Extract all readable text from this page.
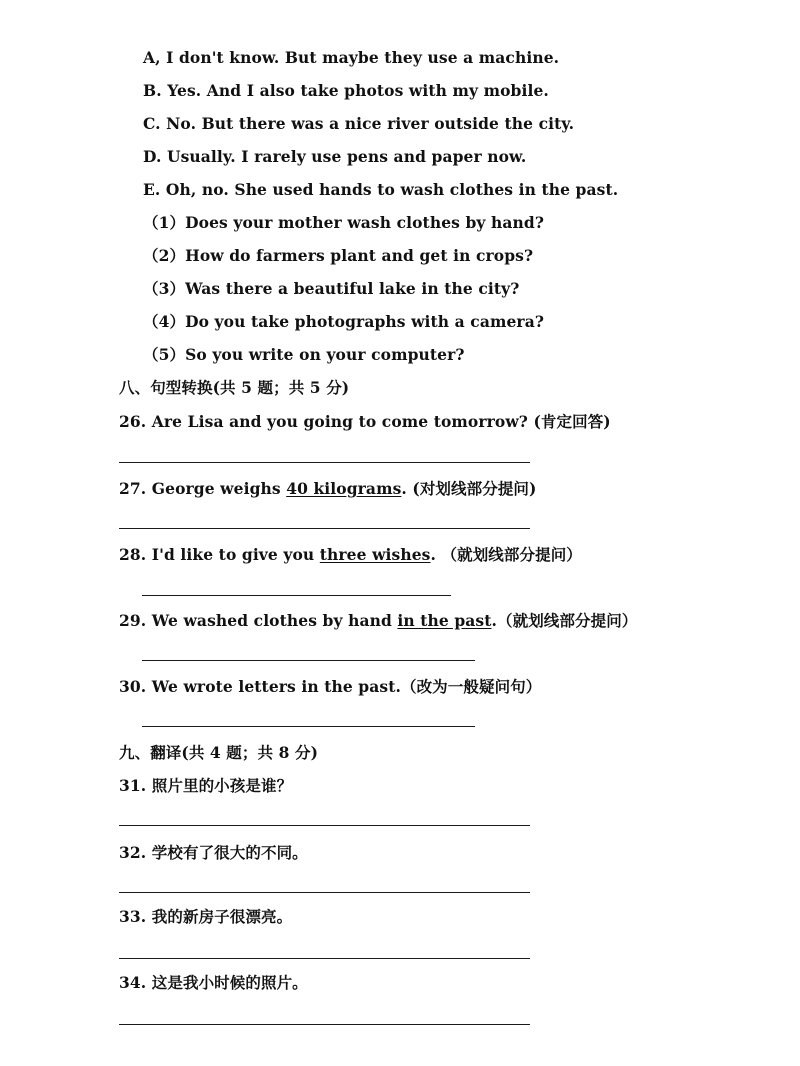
A, I don't know. But maybe they use a machine.
B. Yes. And I also take photos with my mobile.
C. No. But there was a nice river outside the city.
D. Usually. I rarely use pens and paper now.
E. Oh, no. She used hands to wash clothes in the past.
（1）Does your mother wash clothes by hand?
（2）How do farmers plant and get in crops?
（3）Was there a beautiful lake in the city?
（4）Do you take photographs with a camera?
（5）So you write on your computer?
八、句型转换(共 5 题；共 5 分)
26. Are Lisa and you going to come tomorrow? (肯定回答)
27. George weighs 40 kilograms. (对划线部分提问)
28. I'd like to give you three wishes. （就划线部分提问）
29. We washed clothes by hand in the past.（就划线部分提问）
30. We wrote letters in the past.（改为一般疑问句）
九、翻译(共 4 题；共 8 分)
31. 照片里的小孩是谁？
32. 学校有了很大的不同。
33. 我的新房子很漂亮。
34. 这是我小时候的照片。
